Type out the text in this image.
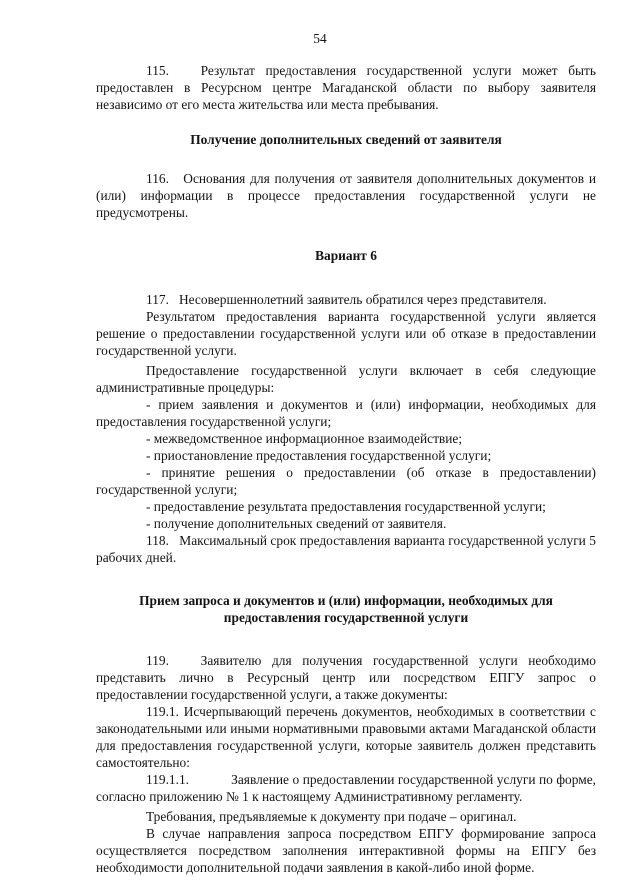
54

115.   Результат предоставления государственной услуги может быть предоставлен в Ресурсном центре Магаданской области по выбору заявителя независимо от его места жительства или места пребывания.

Получение дополнительных сведений от заявителя

116.   Основания для получения от заявителя дополнительных документов и (или) информации в процессе предоставления государственной услуги не предусмотрены.

Вариант 6

117.   Несовершеннолетний заявитель обратился через представителя.

Результатом предоставления варианта государственной услуги является решение о предоставлении государственной услуги или об отказе в предоставлении государственной услуги.

Предоставление государственной услуги включает в себя следующие административные процедуры:

- прием заявления и документов и (или) информации, необходимых для предоставления государственной услуги;

- межведомственное информационное взаимодействие;

- приостановление предоставления государственной услуги;

- принятие решения о предоставлении (об отказе в предоставлении) государственной услуги;

- предоставление результата предоставления государственной услуги;

- получение дополнительных сведений от заявителя.

118.   Максимальный срок предоставления варианта государственной услуги 5 рабочих дней.

Прием запроса и документов и (или) информации, необходимых для предоставления государственной услуги

119.   Заявителю для получения государственной услуги необходимо представить лично в Ресурсный центр или посредством ЕПГУ запрос о предоставлении государственной услуги, а также документы:

119.1. Исчерпывающий перечень документов, необходимых в соответствии с законодательными или иными нормативными правовыми актами Магаданской области для предоставления государственной услуги, которые заявитель должен представить самостоятельно:

119.1.1.            Заявление о предоставлении государственной услуги по форме, согласно приложению № 1 к настоящему Административному регламенту.

Требования, предъявляемые к документу при подаче – оригинал.

В случае направления запроса посредством ЕПГУ формирование запроса осуществляется посредством заполнения интерактивной формы на ЕПГУ без необходимости дополнительной подачи заявления в какой-либо иной форме.
